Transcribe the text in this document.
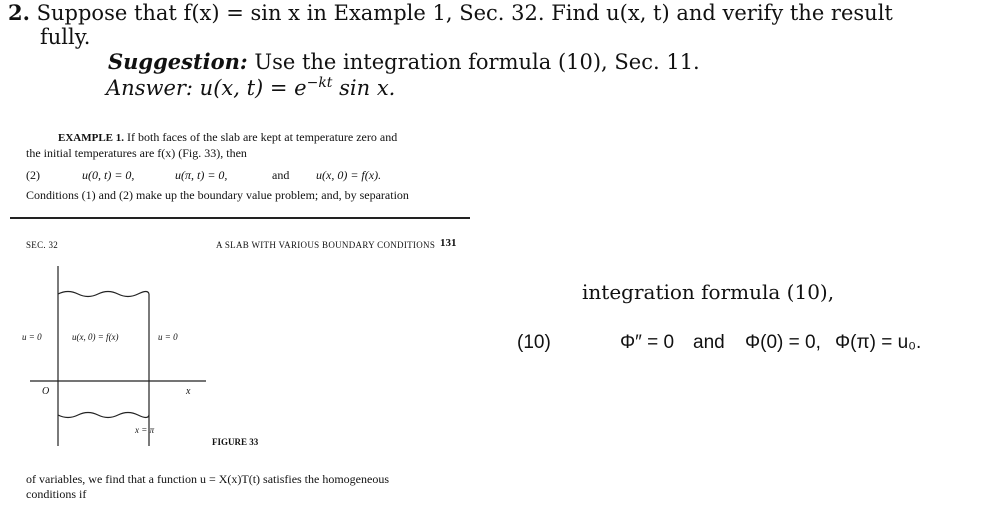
2. Suppose that f(x) = sin x in Example 1, Sec. 32. Find u(x, t) and verify the result
fully.
Suggestion: Use the integration formula (10), Sec. 11.
Answer: u(x, $t) = e^{-kt}$ sin x.
EXAMPLE 1. If both faces of the slab are kept at temperature zero and
the initial temperatures are f(x) (Fig. 33), then
(2)	u(0, t) = 0,	u(π, t) = 0,	and u(x, 0) = f(x).
Conditions (1) and (2) make up the boundary value problem; and, by separation
SEC. 32	A SLAB WITH VARIOUS BOUNDARY CONDITIONS 131
u = 0	u(x, 0) = f(x)	u = 0
O	x
x = π
FIGURE 33
of variables, we find that a function u = X(x)T(t) satisfies the homogeneous
conditions if
integration formula (10),
(10)	Φ″ = 0 and Φ(0) = 0, Φ(π) = u₀.
